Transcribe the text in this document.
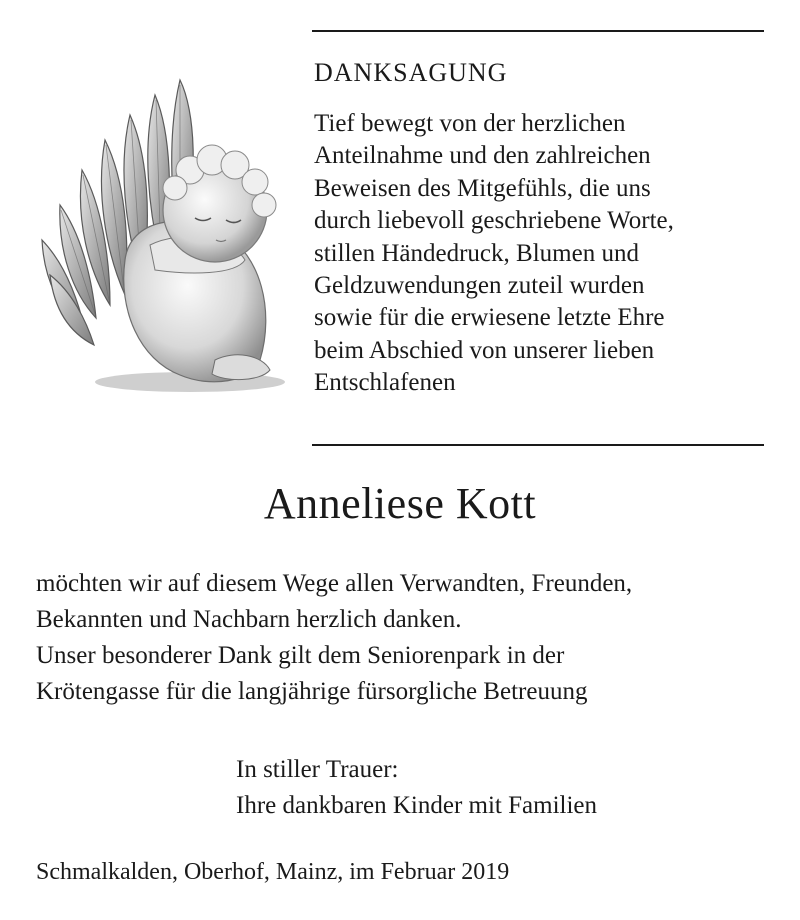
DANKSAGUNG
Tief bewegt von der herzlichen
Anteilnahme und den zahlreichen
Beweisen des Mitgefühls, die uns
durch liebevoll geschriebene Worte,
stillen Händedruck, Blumen und
Geldzuwendungen zuteil wurden
sowie für die erwiesene letzte Ehre
beim Abschied von unserer lieben
Entschlafenen
Anneliese Kott
möchten wir auf diesem Wege allen Verwandten, Freunden,
Bekannten und Nachbarn herzlich danken.
Unser besonderer Dank gilt dem Seniorenpark in der
Krötengasse für die langjährige fürsorgliche Betreuung
In stiller Trauer:
Ihre dankbaren Kinder mit Familien
Schmalkalden, Oberhof, Mainz, im Februar 2019
